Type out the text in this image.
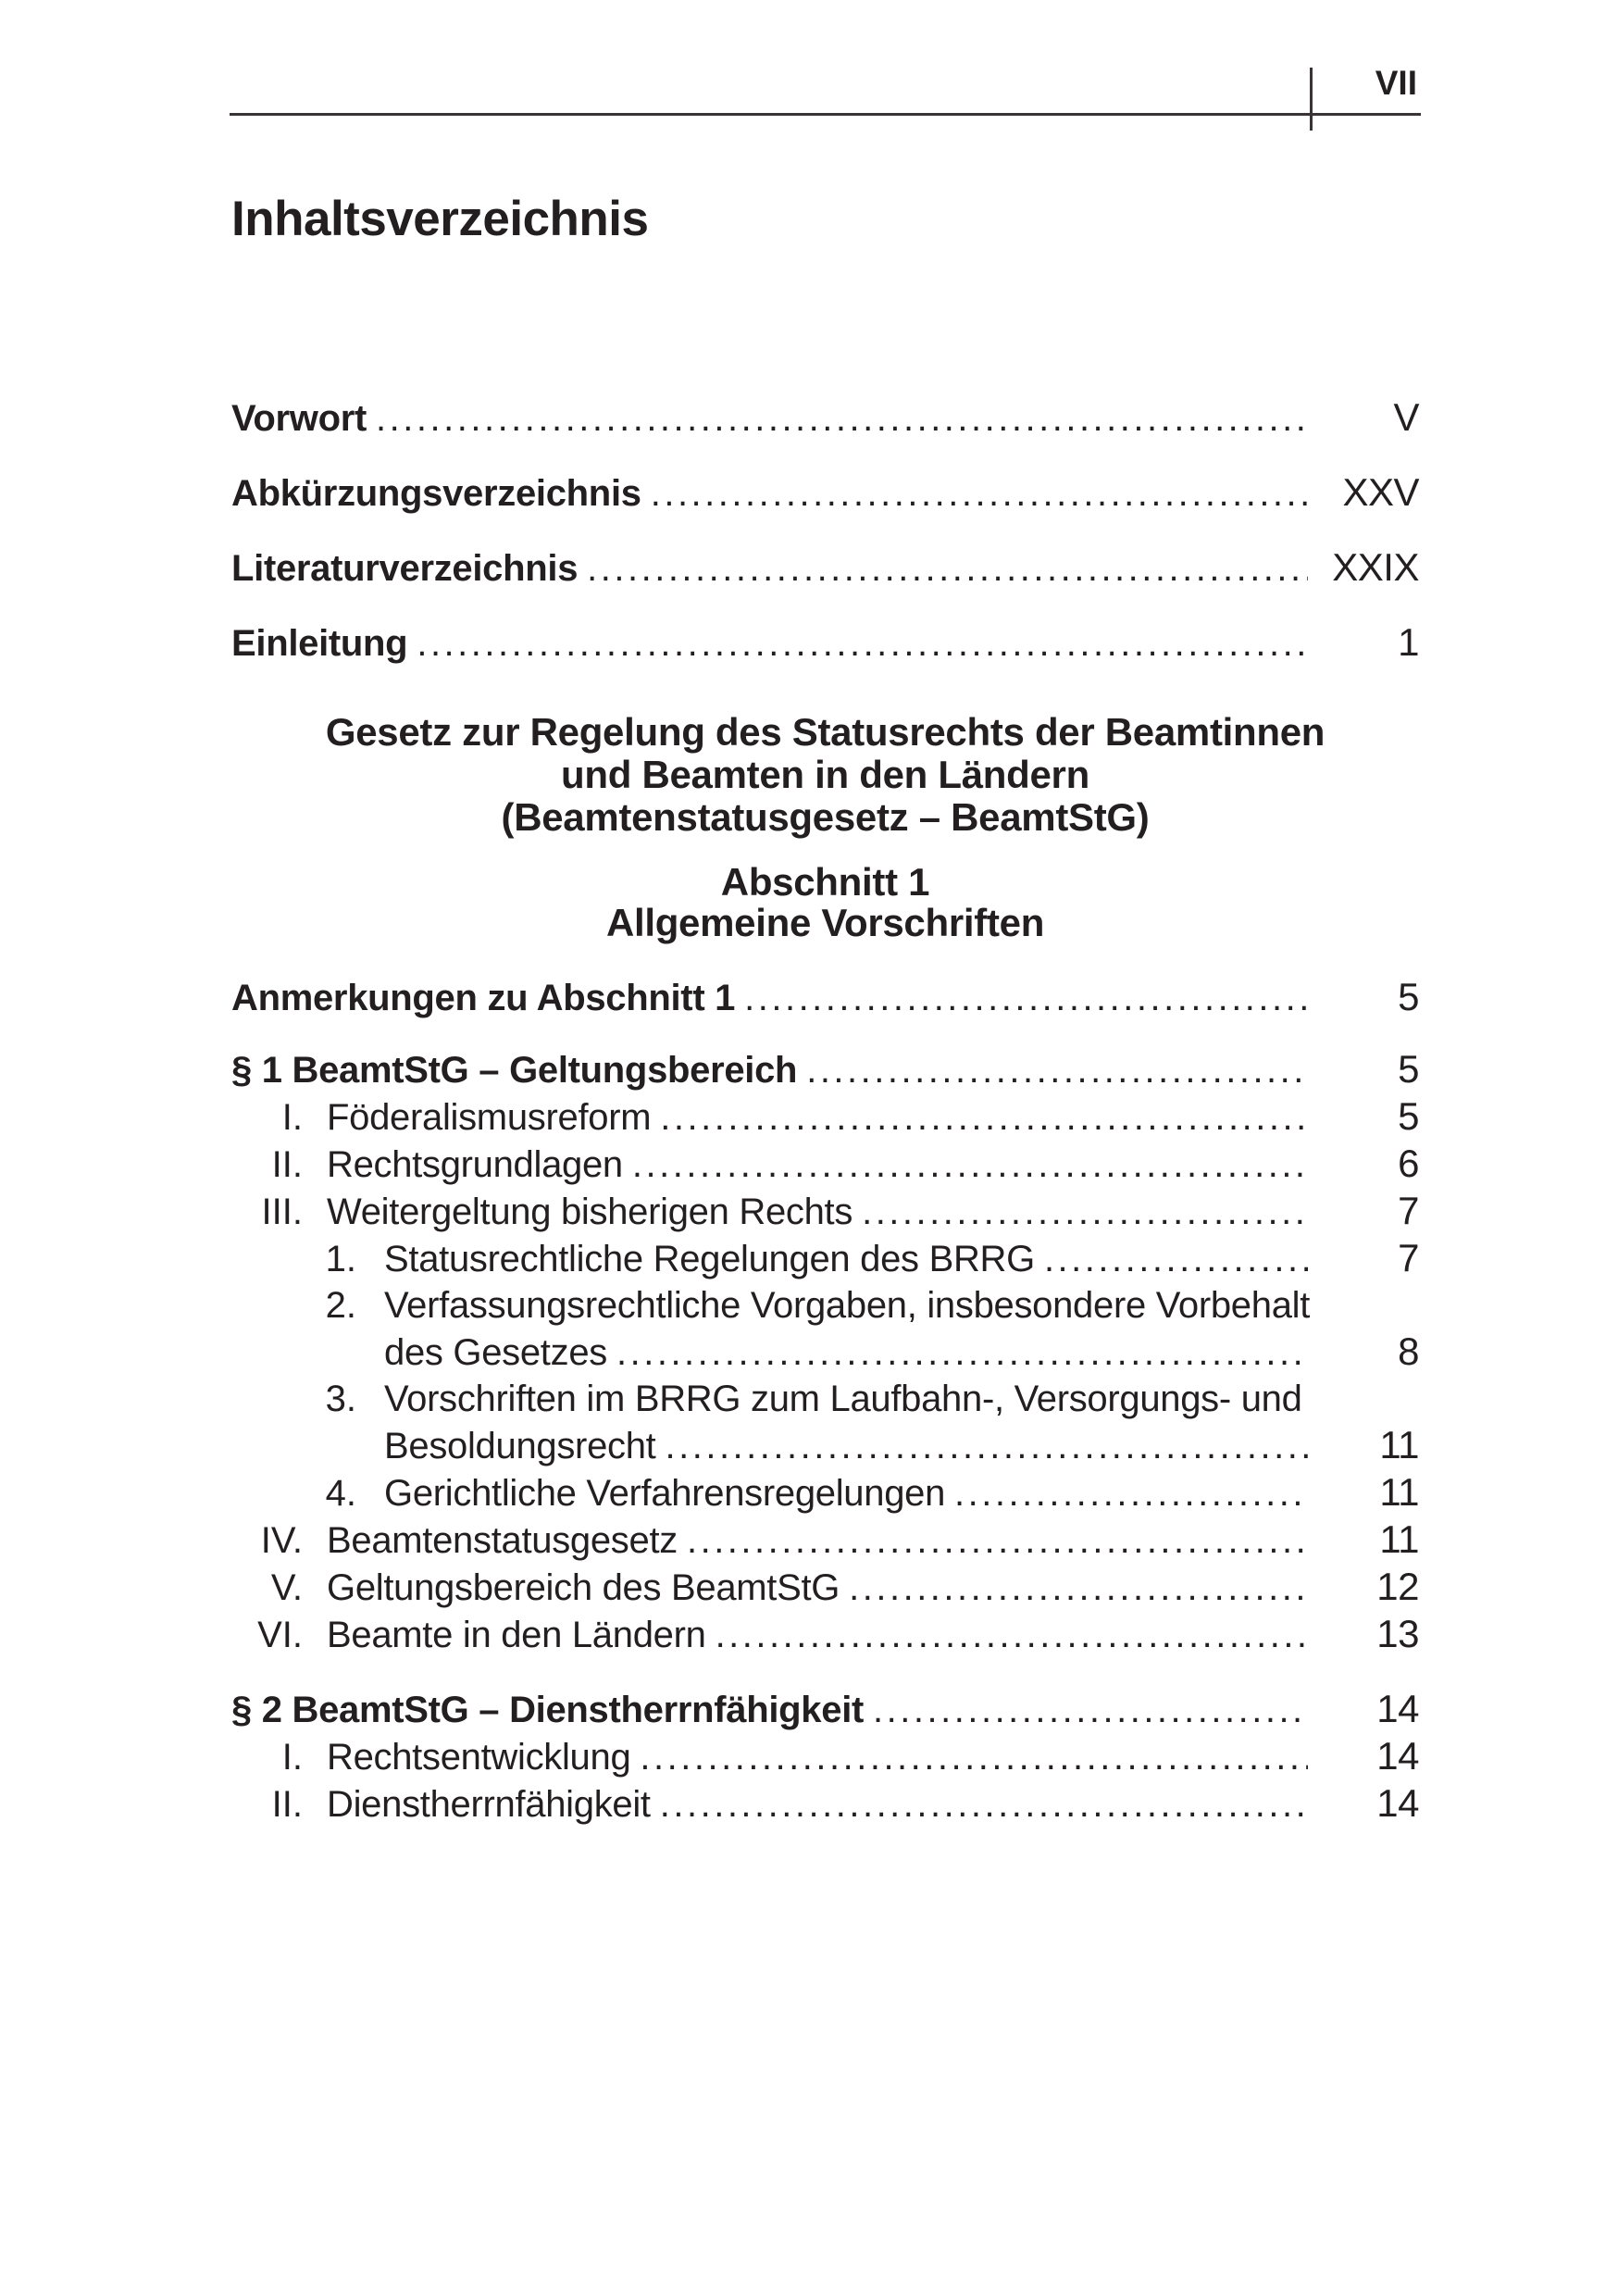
VII
Inhaltsverzeichnis
Vorwort .....	V
Abkürzungsverzeichnis .....	XXV
Literaturverzeichnis .....	XXIX
Einleitung .....	1
Gesetz zur Regelung des Statusrechts der Beamtinnen
und Beamten in den Ländern
(Beamtenstatusgesetz – BeamtStG)
Abschnitt 1
Allgemeine Vorschriften
Anmerkungen zu Abschnitt 1 .....	5
§ 1 BeamtStG – Geltungsbereich .....	5
I. Föderalismusreform .....	5
II. Rechtsgrundlagen .....	6
III. Weitergeltung bisherigen Rechts .....	7
1. Statusrechtliche Regelungen des BRRG .....	7
2. Verfassungsrechtliche Vorgaben, insbesondere Vorbehalt
des Gesetzes .....	8
3. Vorschriften im BRRG zum Laufbahn-, Versorgungs- und
Besoldungsrecht .....	11
4. Gerichtliche Verfahrensregelungen .....	11
IV. Beamtenstatusgesetz .....	11
V. Geltungsbereich des BeamtStG .....	12
VI. Beamte in den Ländern .....	13
§ 2 BeamtStG – Dienstherrnfähigkeit .....	14
I. Rechtsentwicklung .....	14
II. Dienstherrnfähigkeit .....	14
